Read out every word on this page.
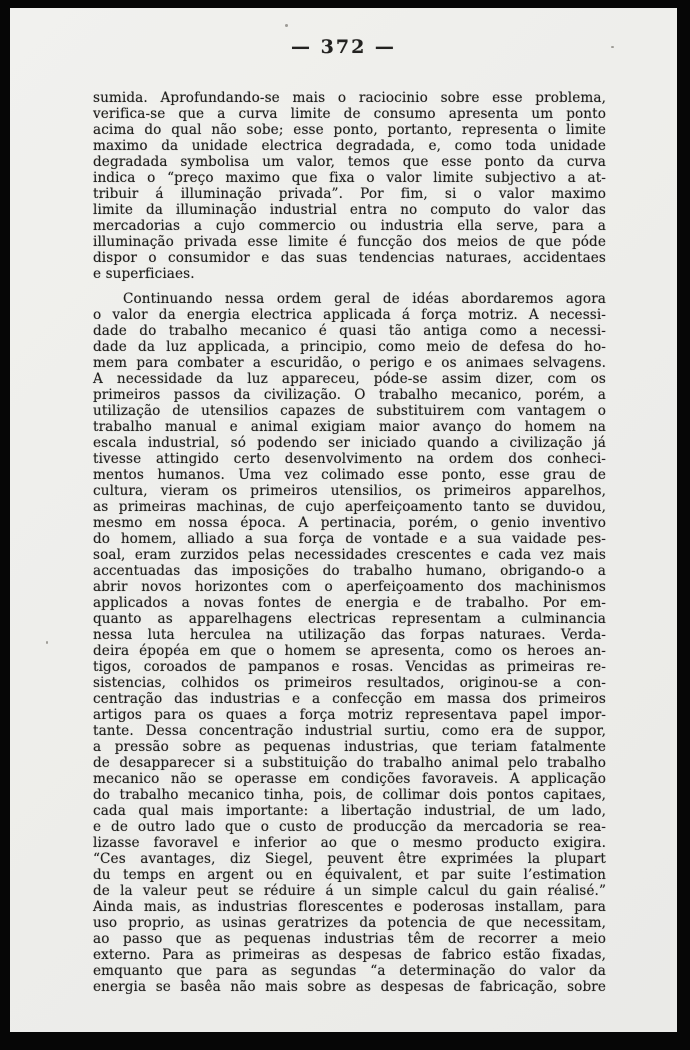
— 372 —
sumida. Aprofundando-se mais o raciocinio sobre esse problema,
verifica-se que a curva limite de consumo apresenta um ponto
acima do qual não sobe; esse ponto, portanto, representa o limite
maximo da unidade electrica degradada, e, como toda unidade
degradada symbolisa um valor, temos que esse ponto da curva
indica o “preço maximo que fixa o valor limite subjectivo a at-
tribuir á illuminação privada”. Por fim, si o valor maximo
limite da illuminação industrial entra no computo do valor das
mercadorias a cujo commercio ou industria ella serve, para a
illuminação privada esse limite é funcção dos meios de que póde
dispor o consumidor e das suas tendencias naturaes, accidentaes
e superficiaes.
Continuando nessa ordem geral de idéas abordaremos agora
o valor da energia electrica applicada á força motriz. A necessi-
dade do trabalho mecanico é quasi tão antiga como a necessi-
dade da luz applicada, a principio, como meio de defesa do ho-
mem para combater a escuridão, o perigo e os animaes selvagens.
A necessidade da luz appareceu, póde-se assim dizer, com os
primeiros passos da civilização. O trabalho mecanico, porém, a
utilização de utensilios capazes de substituirem com vantagem o
trabalho manual e animal exigiam maior avanço do homem na
escala industrial, só podendo ser iniciado quando a civilização já
tivesse attingido certo desenvolvimento na ordem dos conheci-
mentos humanos. Uma vez colimado esse ponto, esse grau de
cultura, vieram os primeiros utensilios, os primeiros apparelhos,
as primeiras machinas, de cujo aperfeiçoamento tanto se duvidou,
mesmo em nossa época. A pertinacia, porém, o genio inventivo
do homem, alliado a sua força de vontade e a sua vaidade pes-
soal, eram zurzidos pelas necessidades crescentes e cada vez mais
accentuadas das imposições do trabalho humano, obrigando-o a
abrir novos horizontes com o aperfeiçoamento dos machinismos
applicados a novas fontes de energia e de trabalho. Por em-
quanto as apparelhagens electricas representam a culminancia
nessa luta herculea na utilização das forpas naturaes. Verda-
deira épopéa em que o homem se apresenta, como os heroes an-
tigos, coroados de pampanos e rosas. Vencidas as primeiras re-
sistencias, colhidos os primeiros resultados, originou-se a con-
centração das industrias e a confecção em massa dos primeiros
artigos para os quaes a força motriz representava papel impor-
tante. Dessa concentração industrial surtiu, como era de suppor,
a pressão sobre as pequenas industrias, que teriam fatalmente
de desapparecer si a substituição do trabalho animal pelo trabalho
mecanico não se operasse em condições favoraveis. A applicação
do trabalho mecanico tinha, pois, de collimar dois pontos capitaes,
cada qual mais importante: a libertação industrial, de um lado,
e de outro lado que o custo de producção da mercadoria se rea-
lizasse favoravel e inferior ao que o mesmo producto exigira.
“Ces avantages, diz Siegel, peuvent être exprimées la plupart
du temps en argent ou en équivalent, et par suite l’estimation
de la valeur peut se réduire á un simple calcul du gain réalisé.”
Ainda mais, as industrias florescentes e poderosas installam, para
uso proprio, as usinas geratrizes da potencia de que necessitam,
ao passo que as pequenas industrias têm de recorrer a meio
externo. Para as primeiras as despesas de fabrico estão fixadas,
emquanto que para as segundas “a determinação do valor da
energia se basêa não mais sobre as despesas de fabricação, sobre
